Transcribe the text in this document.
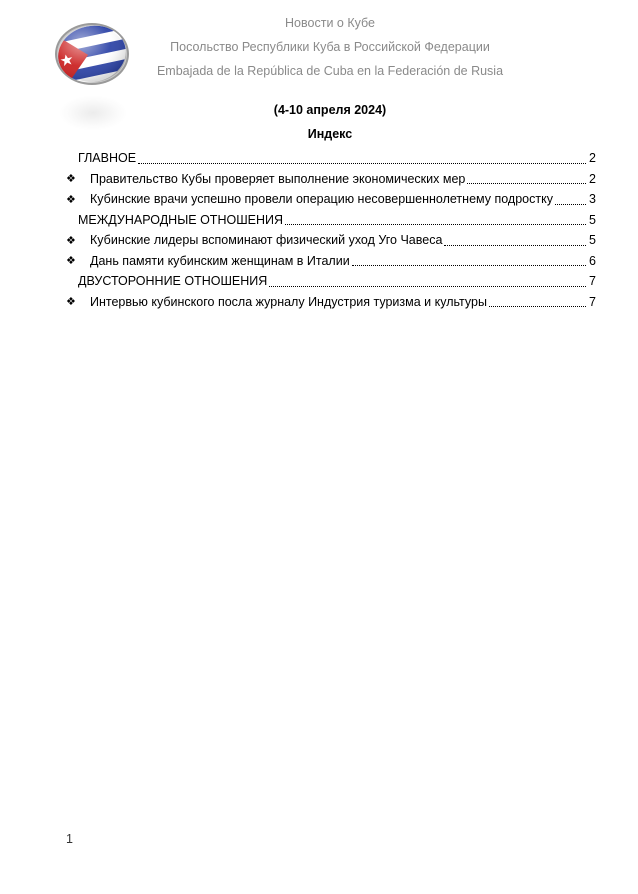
Новости о Кубе
Посольство Республики Куба в Российской Федерации
Embajada de la República de Cuba en la Federación de Rusia
(4-10 апреля 2024)
Индекс
ГЛАВНОЕ	2
❖	Правительство Кубы проверяет выполнение экономических мер	2
❖	Кубинские врачи успешно провели операцию несовершеннолетнему подростку	3
МЕЖДУНАРОДНЫЕ ОТНОШЕНИЯ	5
❖	Кубинские лидеры вспоминают физический уход Уго Чавеса	5
❖	Дань памяти кубинским женщинам в Италии	6
ДВУСТОРОННИЕ ОТНОШЕНИЯ	7
❖	Интервью кубинского посла журналу Индустрия туризма и культуры	7
1
